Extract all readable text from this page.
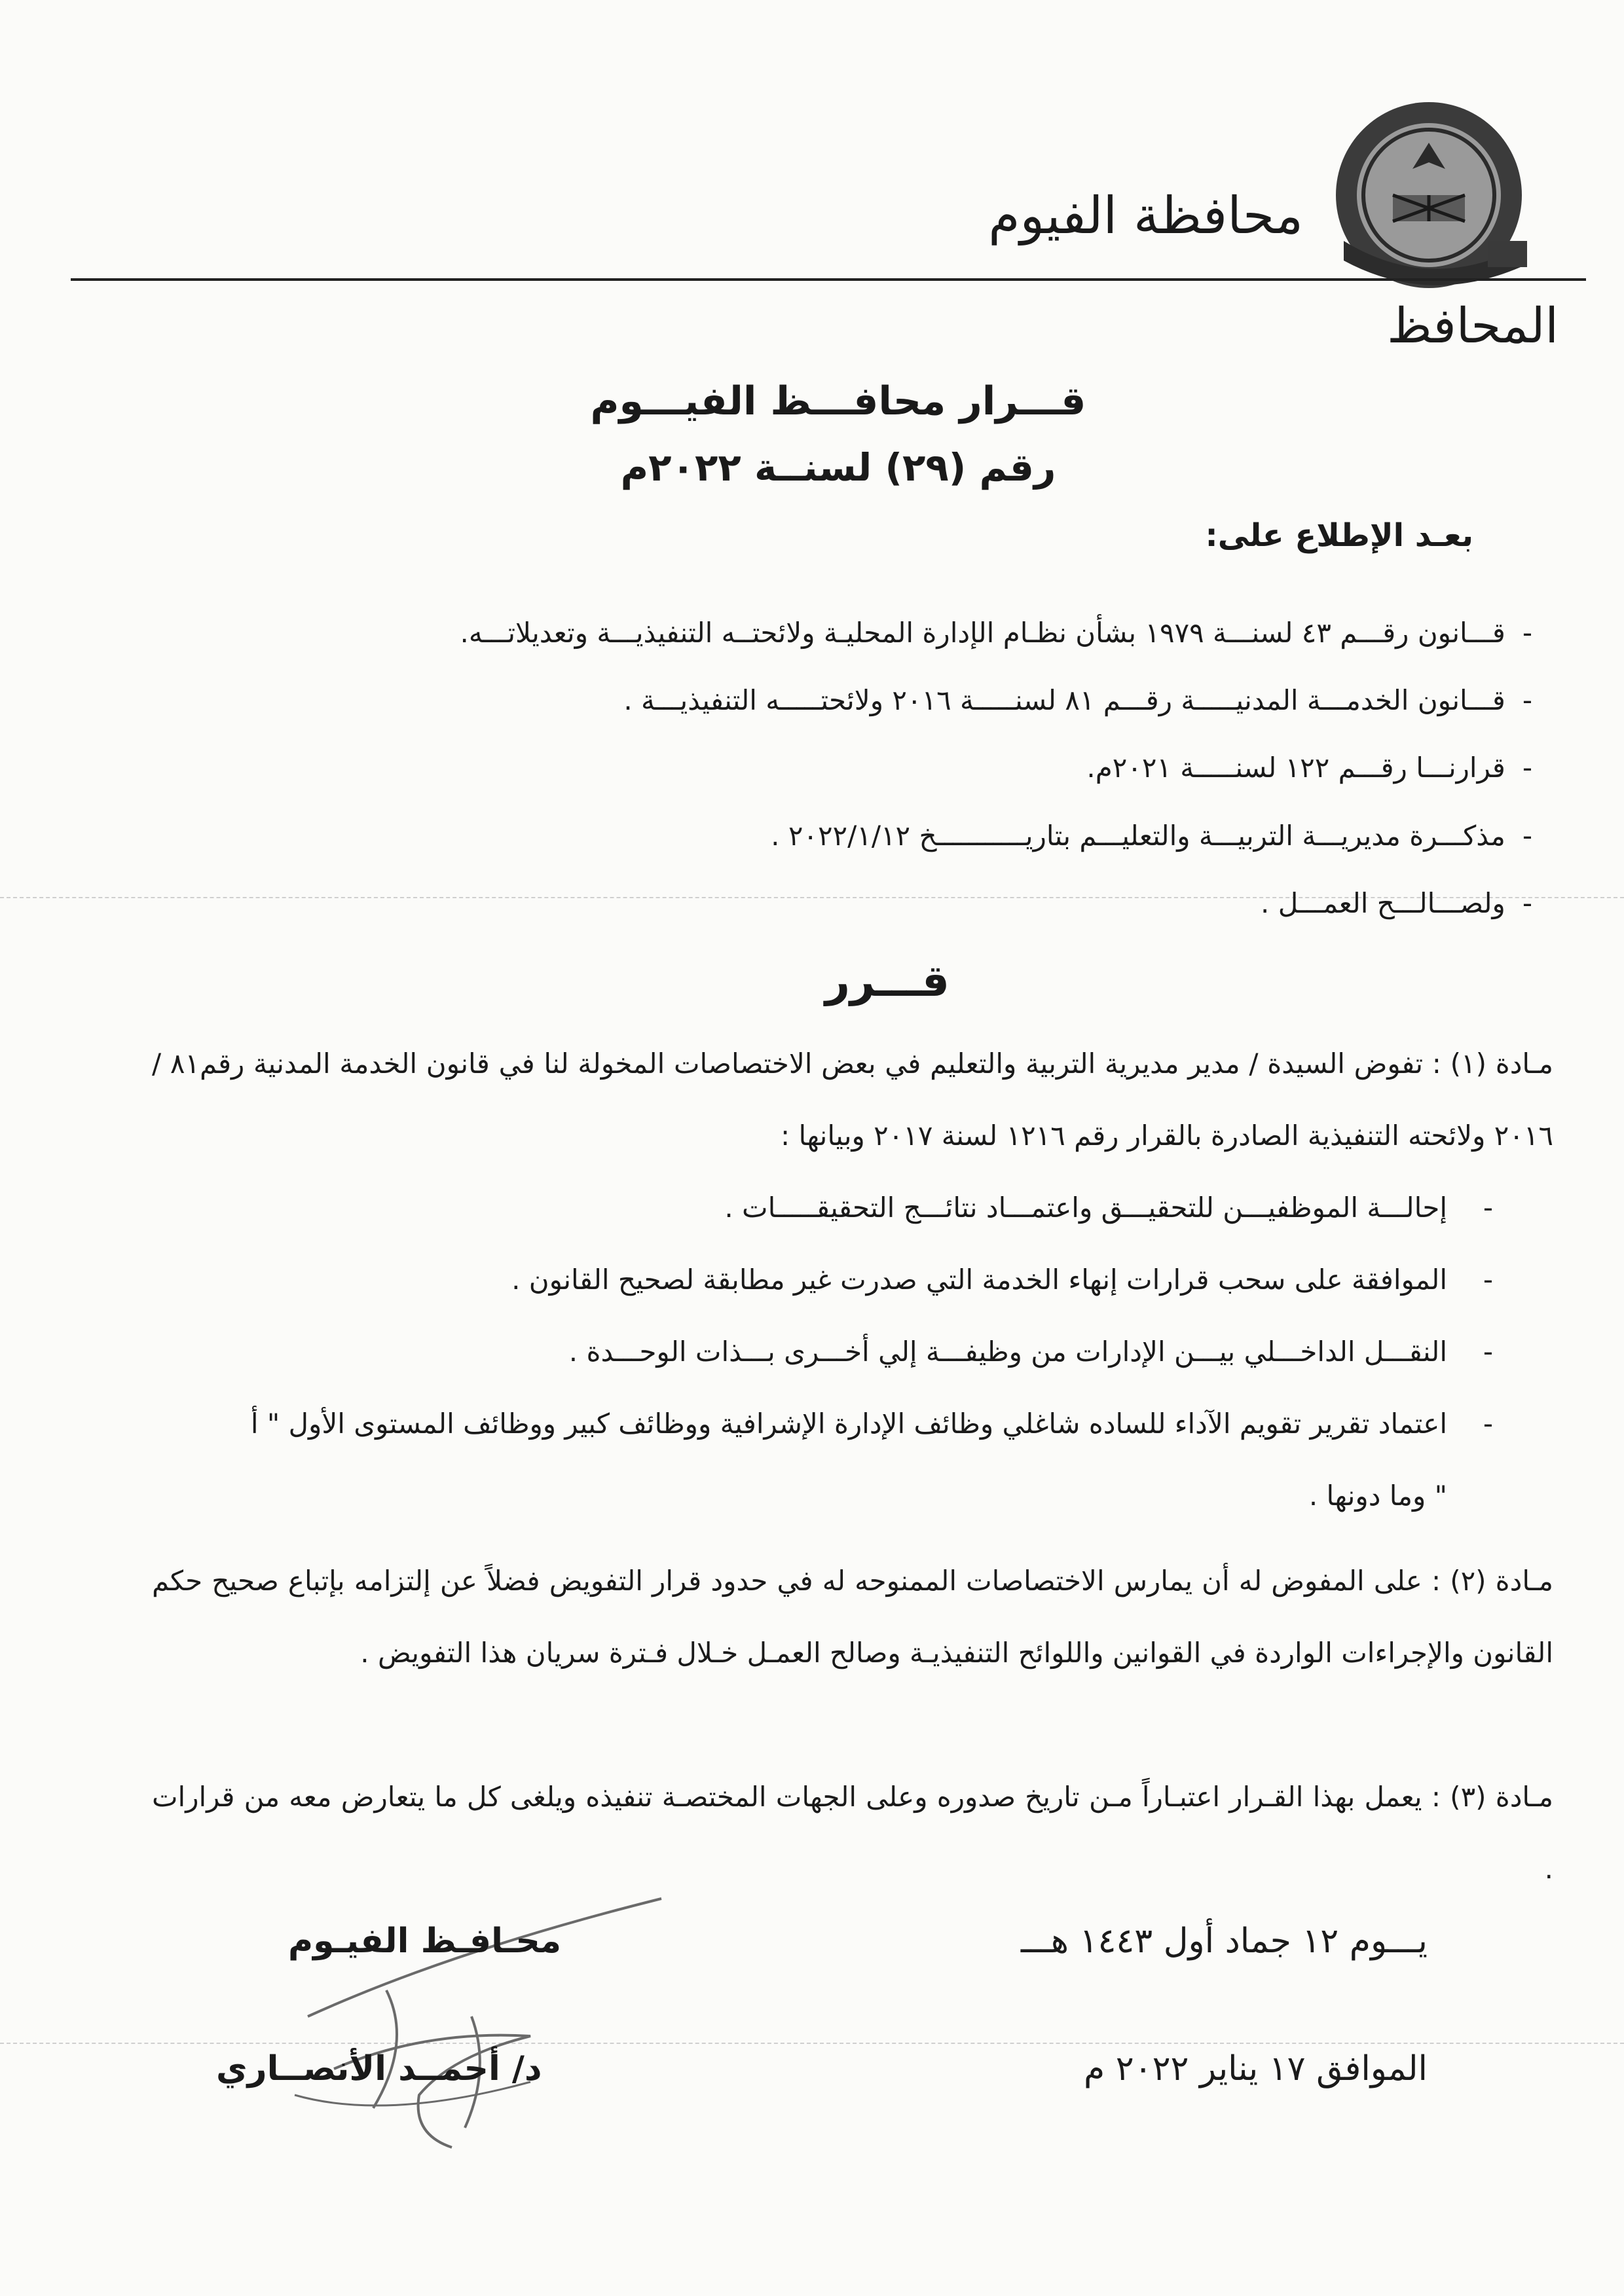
محافظة الفيوم
المحافظ
قـــرار محافـــظ الفيـــوم
رقم (٢٩) لسنــة ٢٠٢٢م
بعـد الإطلاع على:
-قـــانون رقـــم ٤٣ لسنـــة ١٩٧٩ بشأن نظـام الإدارة المحليـة ولائحتــه التنفيذيـــة وتعديلاتـــه.
-قـــانون الخدمـــة المدنيـــــة رقـــم ٨١ لسنـــــة ٢٠١٦ ولائحتـــــه التنفيذيـــة .
-قرارنـــا رقـــم ١٢٢ لسنـــــة ٢٠٢١م.
-مذكـــرة مديريـــة التربيـــة والتعليـــم بتاريـــــــــــخ ٢٠٢٢/١/١٢ .
-ولصـــالـــح العمـــل .
قـــرر
مـادة (١) : تفوض السيدة / مدير مديرية التربية والتعليم في بعض الاختصاصات المخولة لنا في قانون الخدمة المدنية رقم٨١ /٢٠١٦ ولائحته التنفيذية الصادرة بالقرار رقم ١٢١٦ لسنة ٢٠١٧ وبيانها :
-
إحالـــة الموظفيـــن للتحقيـــق واعتمـــاد نتائـــج التحقيقـــــات .
-
الموافقة على سحب قرارات إنهاء الخدمة التي صدرت غير مطابقة لصحيح القانون .
-
النقـــل الداخـــلي بيـــن الإدارات من وظيفـــة إلي أخـــرى بـــذات الوحـــدة .
-
اعتماد تقرير تقويم الآداء للساده شاغلي وظائف الإدارة الإشرافية ووظائف كبير ووظائف المستوى الأول " أ " وما دونها .
مـادة (٢) : على المفوض له أن يمارس الاختصاصات الممنوحه له في حدود قرار التفويض فضلاً عن إلتزامه بإتباع صحيح حكم القانون والإجراءات الواردة في القوانين واللوائح التنفيذيـة وصالح العمـل خـلال فـترة سريان هذا التفويض .
مـادة (٣) : يعمل بهذا القـرار اعتبـاراً مـن تاريخ صدوره وعلى الجهات المختصـة تنفيذه ويلغى كل ما يتعارض معه من قرارات .
يـــوم ١٢ جماد أول ١٤٤٣ هـــ
الموافق ١٧ يناير ٢٠٢٢ م
محـافـظ الفيـوم
د/ أحمــد الأنصــاري
